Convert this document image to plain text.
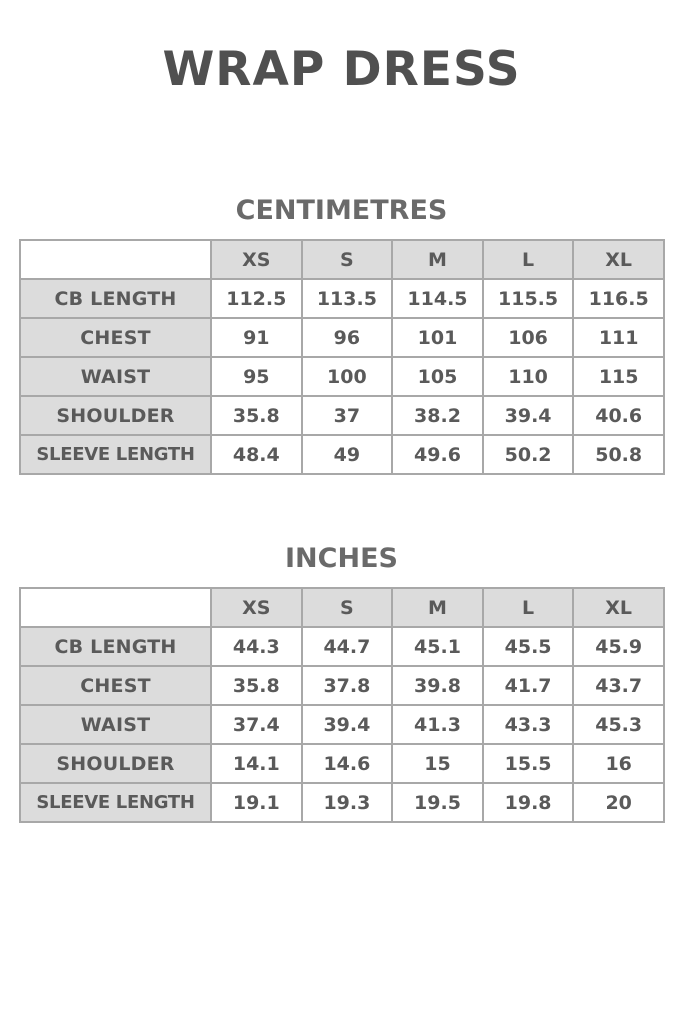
WRAP DRESS
CENTIMETRES
	XS	S	M	L	XL
CB LENGTH	112.5	113.5	114.5	115.5	116.5
CHEST	91	96	101	106	111
WAIST	95	100	105	110	115
SHOULDER	35.8	37	38.2	39.4	40.6
SLEEVE LENGTH	48.4	49	49.6	50.2	50.8
INCHES
	XS	S	M	L	XL
CB LENGTH	44.3	44.7	45.1	45.5	45.9
CHEST	35.8	37.8	39.8	41.7	43.7
WAIST	37.4	39.4	41.3	43.3	45.3
SHOULDER	14.1	14.6	15	15.5	16
SLEEVE LENGTH	19.1	19.3	19.5	19.8	20
